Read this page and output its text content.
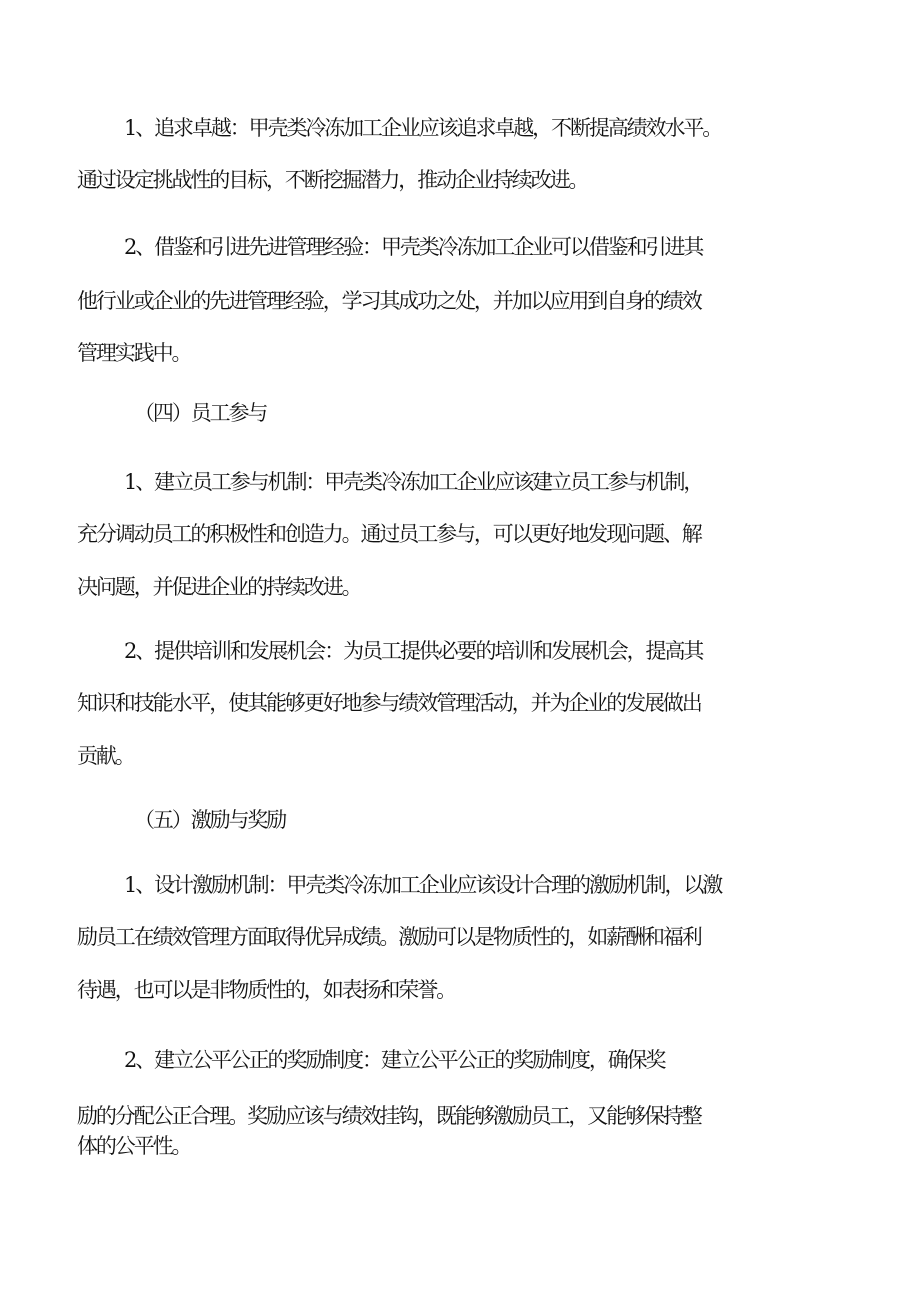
1、追求卓越：甲壳类冷冻加工企业应该追求卓越，不断提高绩效水平。
通过设定挑战性的目标，不断挖掘潜力，推动企业持续改进。
2、借鉴和引进先进管理经验：甲壳类冷冻加工企业可以借鉴和引进其
他行业或企业的先进管理经验，学习其成功之处，并加以应用到自身的绩效
管理实践中。
（四）员工参与
1、建立员工参与机制：甲壳类冷冻加工企业应该建立员工参与机制，
充分调动员工的积极性和创造力。通过员工参与，可以更好地发现问题、解
决问题，并促进企业的持续改进。
2、提供培训和发展机会：为员工提供必要的培训和发展机会，提高其
知识和技能水平，使其能够更好地参与绩效管理活动，并为企业的发展做出
贡献。
（五）激励与奖励
1、设计激励机制：甲壳类冷冻加工企业应该设计合理的激励机制，以激
励员工在绩效管理方面取得优异成绩。激励可以是物质性的，如薪酬和福利
待遇，也可以是非物质性的，如表扬和荣誉。
2、建立公平公正的奖励制度：建立公平公正的奖励制度，确保奖
励的分配公正合理。奖励应该与绩效挂钩，既能够激励员工，又能够保持整
体的公平性。
